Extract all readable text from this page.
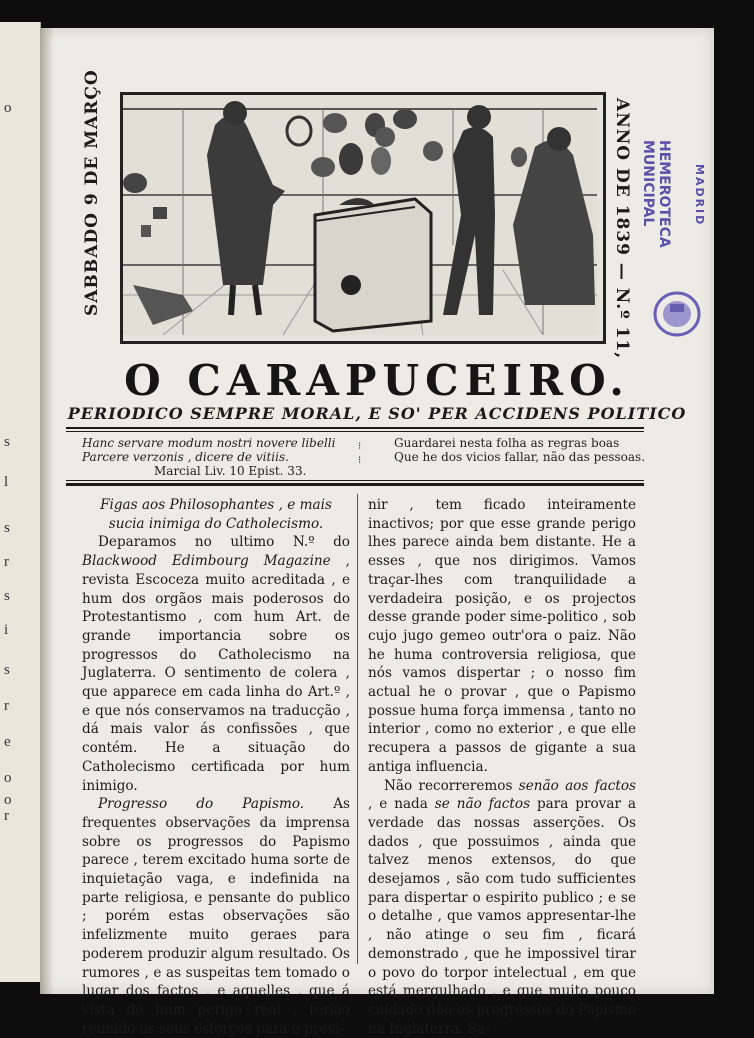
o
s
l
s
r
s
i
s
r
e
o
o
r
SABBADO 9 DE MARÇO	ANNO DE 1839 — N.º 11, HEMEROTECA
MUNICIPAL	MADRID
O CARAPUCEIRO.
PERIODICO SEMPRE MORAL, E SO' PER ACCIDENS POLITICO
Hanc servare modum nostri novere libelli
Parcere verzonis , dicere de vitiis.
Marcial Liv. 10 Epist. 33.
⁝
⁝
Guardarei nesta folha as regras boas
Que he dos vicios fallar, não das pessoas.

Figas aos Philosophantes , e mais sucia inimiga do Catholecismo.

Deparamos no ultimo N.º do Blackwood Edimbourg Magazine , revista Escoceza muito acreditada , e hum dos orgãos mais poderosos do Protestantismo , com hum Art. de grande importancia sobre os progressos do Catholecismo na Juglaterra. O sentimento de colera , que apparece em cada linha do Art.º , e que nós conservamos na traducção , dá mais valor ás confissões , que contém. He a situação do Catholecismo certificada por hum inimigo.

Progresso do Papismo. As frequentes observações da imprensa sobre os progressos do Papismo parece , terem excitado huma sorte de inquietação vaga, e indefinida na parte religiosa, e pensante do publico ; porém estas observações são infelizmente muito geraes para poderem produzir algum resultado. Os rumores , e as suspeitas tem tomado o lugar dos factos , e aquelles , que á vista de hum perigo real , terião reunido os seus esforços para o previ-

nir , tem ficado inteiramente inactivos; por que esse grande perigo lhes parece ainda bem distante. He a esses , que nos dirigimos. Vamos traçar-lhes com tranquilidade a verdadeira posição, e os projectos desse grande poder sime-politico , sob cujo jugo gemeo outr'ora o paiz. Não he huma controversia religiosa, que nós vamos dispertar ; o nosso fim actual he o provar , que o Papismo possue huma força immensa , tanto no interior , como no exterior , e que elle recupera a passos de gigante a sua antiga influencia.

Não recorreremos senão aos factos , e nada se não factos para provar a verdade das nossas asserções. Os dados , que possuimos , ainda que talvez menos extensos, do que desejamos , são com tudo sufficientes para dispertar o espirito publico ; e se o detalhe , que vamos appresentar-lhe , não atinge o seu fim , ficará demonstrado , que he impossivel tirar o povo do torpor intelectual , em que está mergulhado , e que muito pouco cuidado dão os progressos do Papismo na Inglaterra. Sa-
